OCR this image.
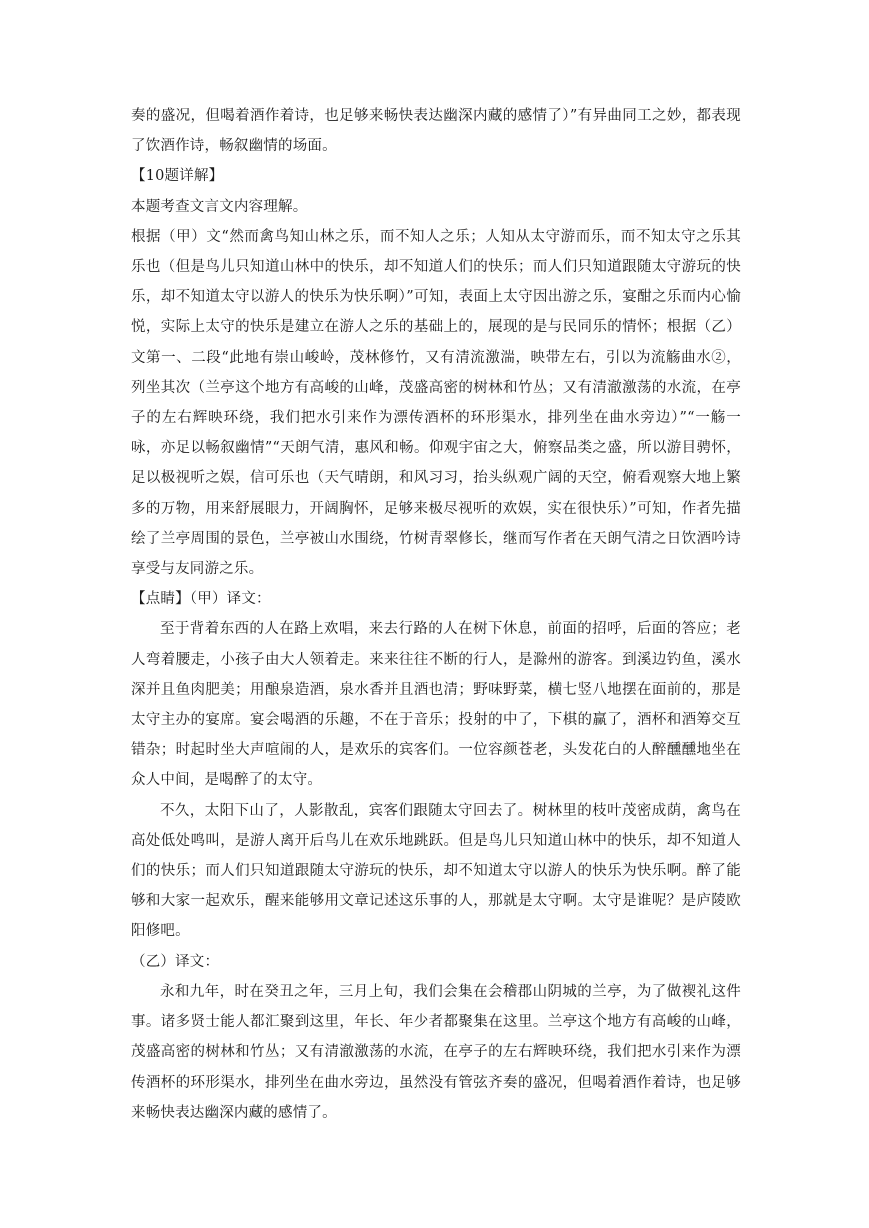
奏的盛况，但喝着酒作着诗，也足够来畅快表达幽深内藏的感情了）”有异曲同工之妙，都表现了饮酒作诗，畅叙幽情的场面。

【10题详解】

本题考查文言文内容理解。

根据（甲）文“然而禽鸟知山林之乐，而不知人之乐；人知从太守游而乐，而不知太守之乐其乐也（但是鸟儿只知道山林中的快乐，却不知道人们的快乐；而人们只知道跟随太守游玩的快乐，却不知道太守以游人的快乐为快乐啊）”可知，表面上太守因出游之乐，宴酣之乐而内心愉悦，实际上太守的快乐是建立在游人之乐的基础上的，展现的是与民同乐的情怀；根据（乙）文第一、二段“此地有崇山峻岭，茂林修竹，又有清流激湍，映带左右，引以为流觞曲水②，列坐其次（兰亭这个地方有高峻的山峰，茂盛高密的树林和竹丛；又有清澈激荡的水流，在亭子的左右辉映环绕，我们把水引来作为漂传酒杯的环形渠水，排列坐在曲水旁边）”“一觞一咏，亦足以畅叙幽情”“天朗气清，惠风和畅。仰观宇宙之大，俯察品类之盛，所以游目骋怀，足以极视听之娱，信可乐也（天气晴朗，和风习习，抬头纵观广阔的天空，俯看观察大地上繁多的万物，用来舒展眼力，开阔胸怀，足够来极尽视听的欢娱，实在很快乐）”可知，作者先描绘了兰亭周围的景色，兰亭被山水围绕，竹树青翠修长，继而写作者在天朗气清之日饮酒吟诗享受与友同游之乐。

【点睛】（甲）译文：

至于背着东西的人在路上欢唱，来去行路的人在树下休息，前面的招呼，后面的答应；老人弯着腰走，小孩子由大人领着走。来来往往不断的行人，是滁州的游客。到溪边钓鱼，溪水深并且鱼肉肥美；用酿泉造酒，泉水香并且酒也清；野味野菜，横七竖八地摆在面前的，那是太守主办的宴席。宴会喝酒的乐趣，不在于音乐；投射的中了，下棋的赢了，酒杯和酒筹交互错杂；时起时坐大声喧闹的人，是欢乐的宾客们。一位容颜苍老，头发花白的人醉醺醺地坐在众人中间，是喝醉了的太守。

不久，太阳下山了，人影散乱，宾客们跟随太守回去了。树林里的枝叶茂密成荫，禽鸟在高处低处鸣叫，是游人离开后鸟儿在欢乐地跳跃。但是鸟儿只知道山林中的快乐，却不知道人们的快乐；而人们只知道跟随太守游玩的快乐，却不知道太守以游人的快乐为快乐啊。醉了能够和大家一起欢乐，醒来能够用文章记述这乐事的人，那就是太守啊。太守是谁呢？是庐陵欧阳修吧。

（乙）译文：

永和九年，时在癸丑之年，三月上旬，我们会集在会稽郡山阴城的兰亭，为了做褉礼这件事。诸多贤士能人都汇聚到这里，年长、年少者都聚集在这里。兰亭这个地方有高峻的山峰，茂盛高密的树林和竹丛；又有清澈激荡的水流，在亭子的左右辉映环绕，我们把水引来作为漂传酒杯的环形渠水，排列坐在曲水旁边，虽然没有管弦齐奏的盛况，但喝着酒作着诗，也足够来畅快表达幽深内藏的感情了。
